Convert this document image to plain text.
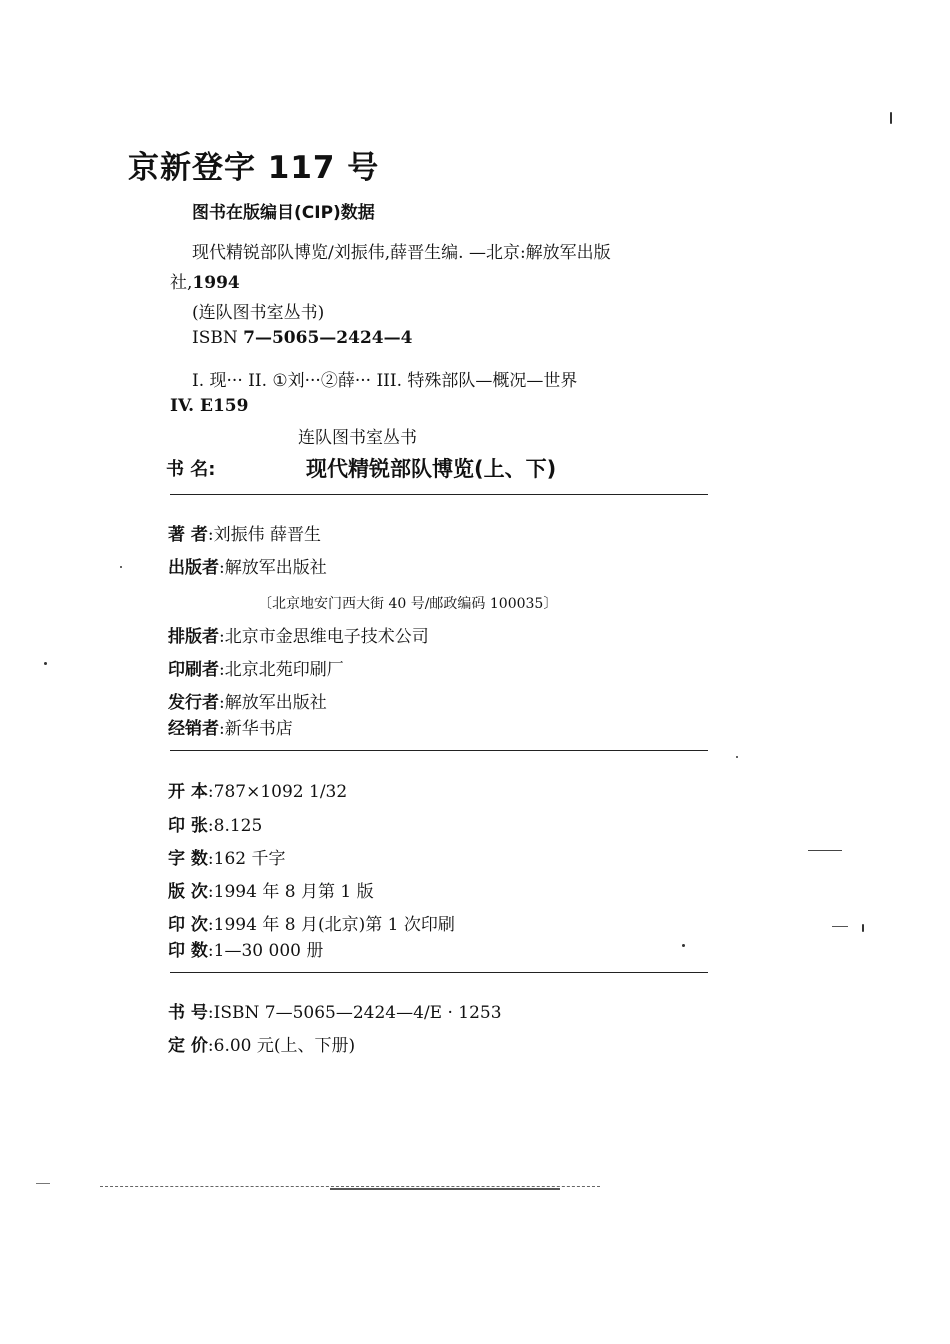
京新登字 117 号
图书在版编目(CIP)数据
现代精锐部队博览/刘振伟,薛晋生编. —北京:解放军出版
社,1994
(连队图书室丛书)
ISBN 7—5065—2424—4
I. 现··· II. ①刘···②薛··· III. 特殊部队—概况—世界
IV. E159
连队图书室丛书
书 名:	现代精锐部队博览(上、下)
著 者:刘振伟 薛晋生
出版者:解放军出版社
〔北京地安门西大街 40 号/邮政编码 100035〕
排版者:北京市金思维电子技术公司
印刷者:北京北苑印刷厂
发行者:解放军出版社
经销者:新华书店
开 本:787×1092 1/32
印 张:8.125
字 数:162 千字
版 次:1994 年 8 月第 1 版
印 次:1994 年 8 月(北京)第 1 次印刷
印 数:1—30 000 册
书 号:ISBN 7—5065—2424—4/E · 1253
定 价:6.00 元(上、下册)
